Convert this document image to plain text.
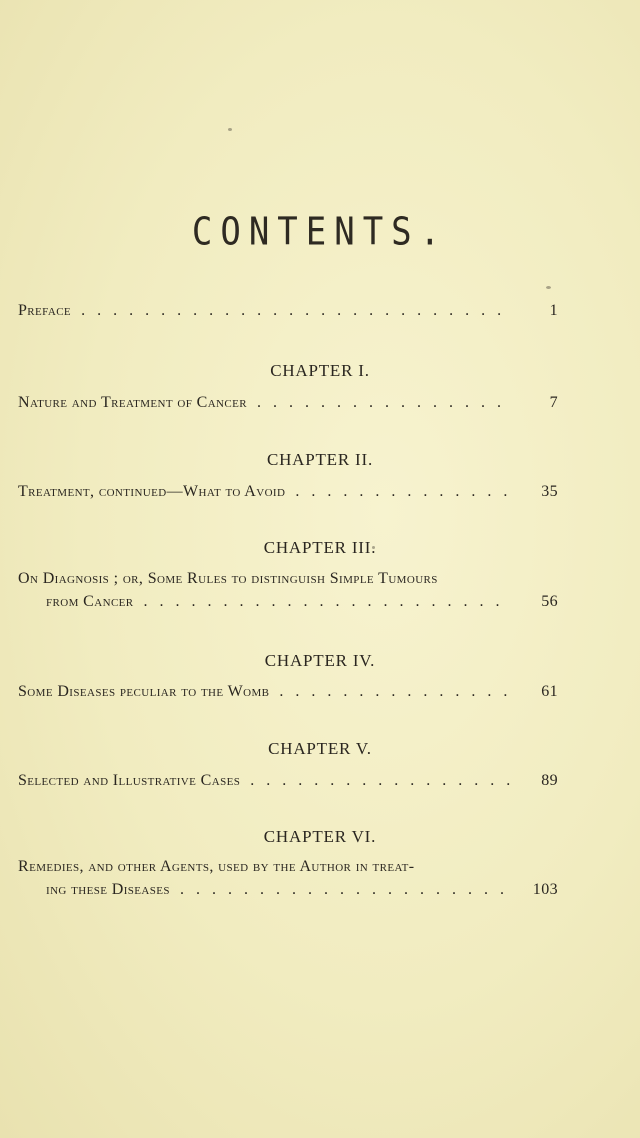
CONTENTS.
Preface . . .	1
CHAPTER I.
Nature and Treatment of Cancer . . .	7
CHAPTER II.
Treatment, continued—What to Avoid . . .	35
CHAPTER III.
On Diagnosis ; or, Some Rules to distinguish Simple Tumours
from Cancer . . .	56
CHAPTER IV.
Some Diseases peculiar to the Womb . . .	61
CHAPTER V.
Selected and Illustrative Cases . . .	89
CHAPTER VI.
Remedies, and other Agents, used by the Author in treat-
ing these Diseases . . .	103
